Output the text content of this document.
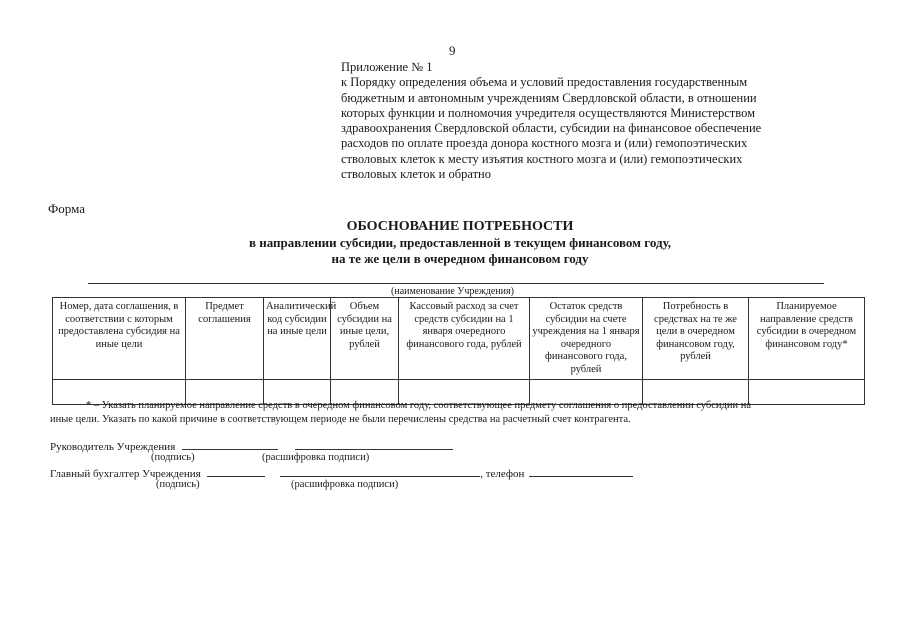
9
Приложение № 1
к Порядку определения объема и условий предоставления государственным
бюджетным и автономным учреждениям Свердловской области, в отношении
которых функции и полномочия учредителя осуществляются Министерством
здравоохранения Свердловской области, субсидии на финансовое обеспечение
расходов по оплате проезда донора костного мозга и (или) гемопоэтических
стволовых клеток к месту изъятия костного мозга и (или) гемопоэтических
стволовых клеток и обратно
Форма
ОБОСНОВАНИЕ ПОТРЕБНОСТИ
в направлении субсидии, предоставленной в текущем финансовом году,
на те же цели в очередном финансовом году
(наименование Учреждения)
Номер, дата соглашения, в соответствии с которым предоставлена субсидия на иные цели	Предмет соглашения	Аналитический код субсидии на иные цели	Объем субсидии на иные цели, рублей	Кассовый расход за счет средств субсидии на 1 января очередного финансового года, рублей	Остаток средств субсидии на счете учреждения на 1 января очередного финансового года, рублей	Потребность в средствах на те же цели в очередном финансовом году, рублей	Планируемое направление средств субсидии в очередном финансовом году*

* – Указать планируемое направление средств в очередном финансовом году, соответствующее предмету соглашения о предоставлении субсидии на
иные цели. Указать по какой причине в соответствующем периоде не были перечислены средства на расчетный счет контрагента.
Руководитель Учреждения
(подпись)	(расшифровка подписи)
Главный бухгалтер Учреждения	, телефон
(подпись)	(расшифровка подписи)
